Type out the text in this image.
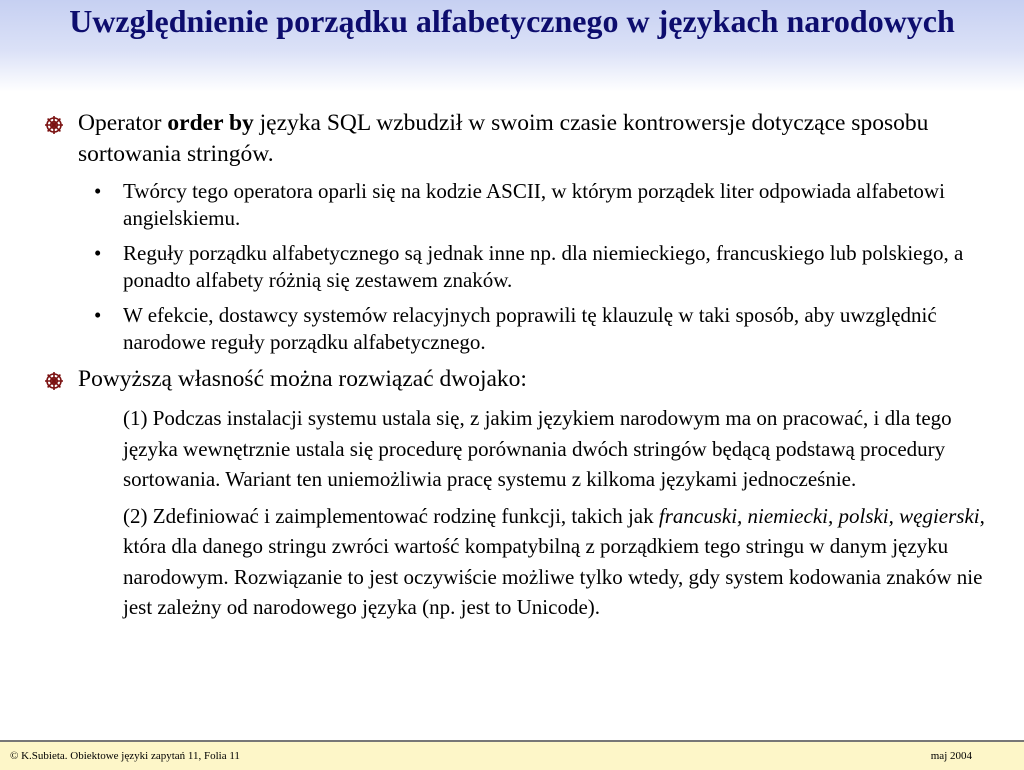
Uwzględnienie porządku alfabetycznego w językach narodowych
Operator order by języka SQL wzbudził w swoim czasie kontrowersje dotyczące sposobu sortowania stringów.
• Twórcy tego operatora oparli się na kodzie ASCII, w którym porządek liter odpowiada alfabetowi angielskiemu.
• Reguły porządku alfabetycznego są jednak inne np. dla niemieckiego, francuskiego lub polskiego, a ponadto alfabety różnią się zestawem znaków.
• W efekcie, dostawcy systemów relacyjnych poprawili tę klauzulę w taki sposób, aby uwzględnić narodowe reguły porządku alfabetycznego.
Powyższą własność można rozwiązać dwojako:
(1) Podczas instalacji systemu ustala się, z jakim językiem narodowym ma on pracować, i dla tego języka wewnętrznie ustala się procedurę porównania dwóch stringów będącą podstawą procedury sortowania. Wariant ten uniemożliwia pracę systemu z kilkoma językami jednocześnie.
(2) Zdefiniować i zaimplementować rodzinę funkcji, takich jak francuski, niemiecki, polski, węgierski, która dla danego stringu zwróci wartość kompatybilną z porządkiem tego stringu w danym języku narodowym. Rozwiązanie to jest oczywiście możliwe tylko wtedy, gdy system kodowania znaków nie jest zależny od narodowego języka (np. jest to Unicode).
© K.Subieta. Obiektowe języki zapytań 11, Folia 11	maj 2004
